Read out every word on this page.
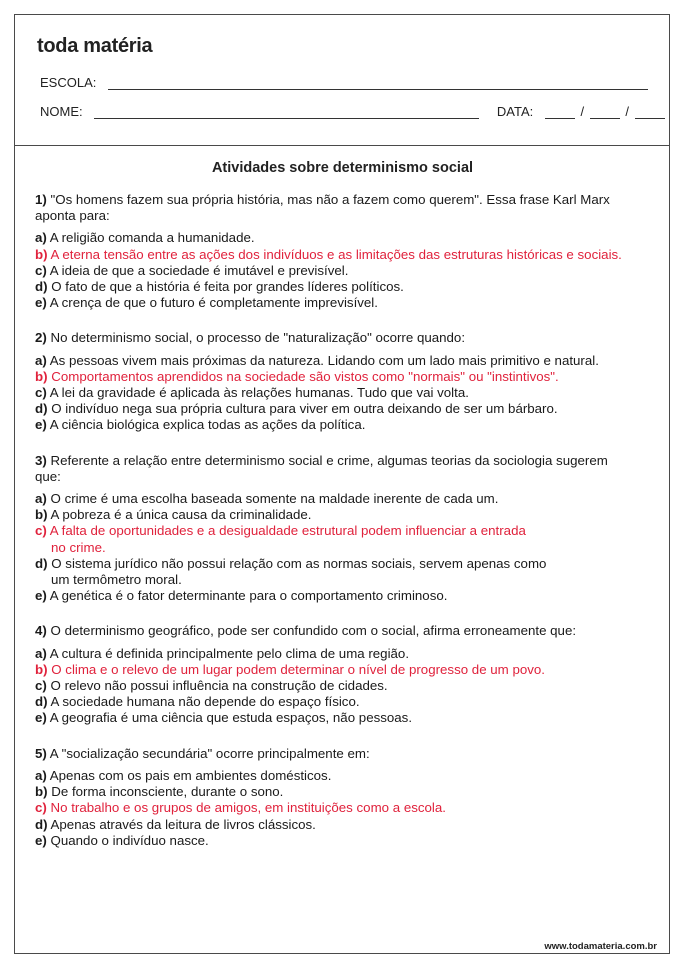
toda matéria
ESCOLA:
NOME:	DATA:	/	/
Atividades sobre determinismo social

1) "Os homens fazem sua própria história, mas não a fazem como querem". Essa frase Karl Marx aponta para:

a) A religião comanda a humanidade.

b) A eterna tensão entre as ações dos indivíduos e as limitações das estruturas históricas e sociais.

c) A ideia de que a sociedade é imutável e previsível.

d) O fato de que a história é feita por grandes líderes políticos.

e) A crença de que o futuro é completamente imprevisível.

2) No determinismo social, o processo de "naturalização" ocorre quando:

a) As pessoas vivem mais próximas da natureza. Lidando com um lado mais primitivo e natural.

b) Comportamentos aprendidos na sociedade são vistos como "normais" ou "instintivos".

c) A lei da gravidade é aplicada às relações humanas. Tudo que vai volta.

d) O indivíduo nega sua própria cultura para viver em outra deixando de ser um bárbaro.

e) A ciência biológica explica todas as ações da política.

3) Referente a relação entre determinismo social e crime, algumas teorias da sociologia sugerem que:

a) O crime é uma escolha baseada somente na maldade inerente de cada um.

b) A pobreza é a única causa da criminalidade.

c) A falta de oportunidades e a desigualdade estrutural podem influenciar a entrada

no crime.

d) O sistema jurídico não possui relação com as normas sociais, servem apenas como

um termômetro moral.

e) A genética é o fator determinante para o comportamento criminoso.

4) O determinismo geográfico, pode ser confundido com o social, afirma erroneamente que:

a) A cultura é definida principalmente pelo clima de uma região.

b) O clima e o relevo de um lugar podem determinar o nível de progresso de um povo.

c) O relevo não possui influência na construção de cidades.

d) A sociedade humana não depende do espaço físico.

e) A geografia é uma ciência que estuda espaços, não pessoas.

5) A "socialização secundária" ocorre principalmente em:

a) Apenas com os pais em ambientes domésticos.

b) De forma inconsciente, durante o sono.

c) No trabalho e os grupos de amigos, em instituições como a escola.

d) Apenas através da leitura de livros clássicos.

e) Quando o indivíduo nasce.

www.todamateria.com.br
